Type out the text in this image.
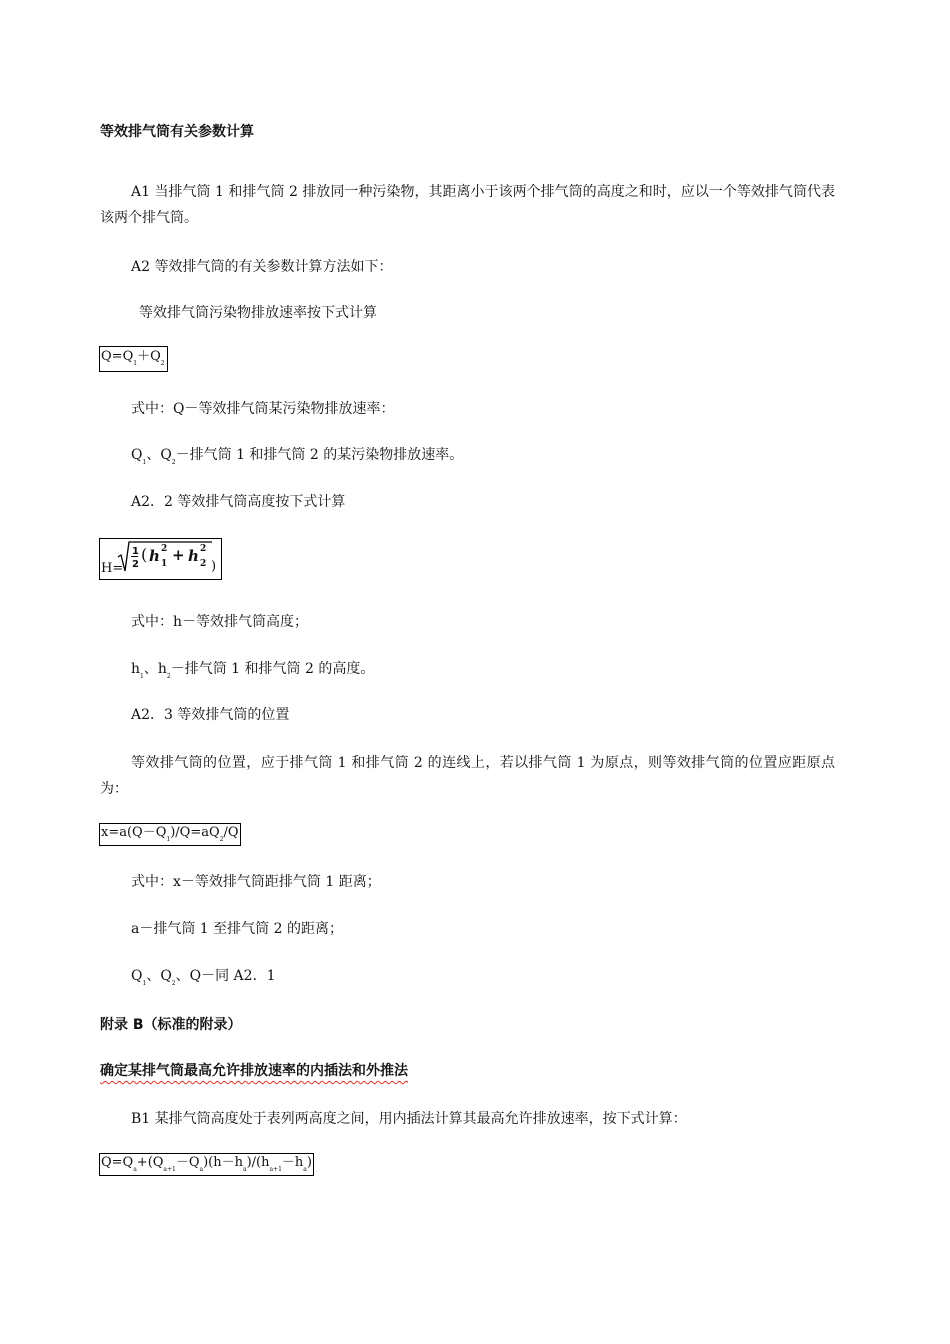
等效排气筒有关参数计算
A1 当排气筒 1 和排气筒 2 排放同一种污染物，其距离小于该两个排气筒的高度之和时，应以一个等效排气筒代表该两个排气筒。
A2 等效排气筒的有关参数计算方法如下：
等效排气筒污染物排放速率按下式计算
$Q=Q_1+Q_2$
式中：Q－等效排气筒某污染物排放速率：
$Q_1$、$Q_2-$排气筒 1 和排气筒 2 的某污染物排放速率。
A2．2 等效排气筒高度按下式计算
H=
1
2
( h 2
1 + h 2
2 )
式中：h－等效排气筒高度；
$h_1$、$h_2-$排气筒 1 和排气筒 2 的高度。
A2．3 等效排气筒的位置
等效排气筒的位置，应于排气筒 1 和排气筒 2 的连线上，若以排气筒 1 为原点，则等效排气筒的位置应距原点为：
$x=a(Q-Q_1)/Q=aQ_2/Q$
式中：x－等效排气筒距排气筒 1 距离；
a－排气筒 1 至排气筒 2 的距离；
$Q_1$、$Q_2$、Q－同 A2．1
附录 B（标准的附录）
确定某排气筒最高允许排放速率的内插法和外推法
B1 某排气筒高度处于表列两高度之间，用内插法计算其最高允许排放速率，按下式计算：
$Q=Q_a+(Q_{a+1}-Q_a)(h-h_a)/(h_{a+1}-h_a)$
